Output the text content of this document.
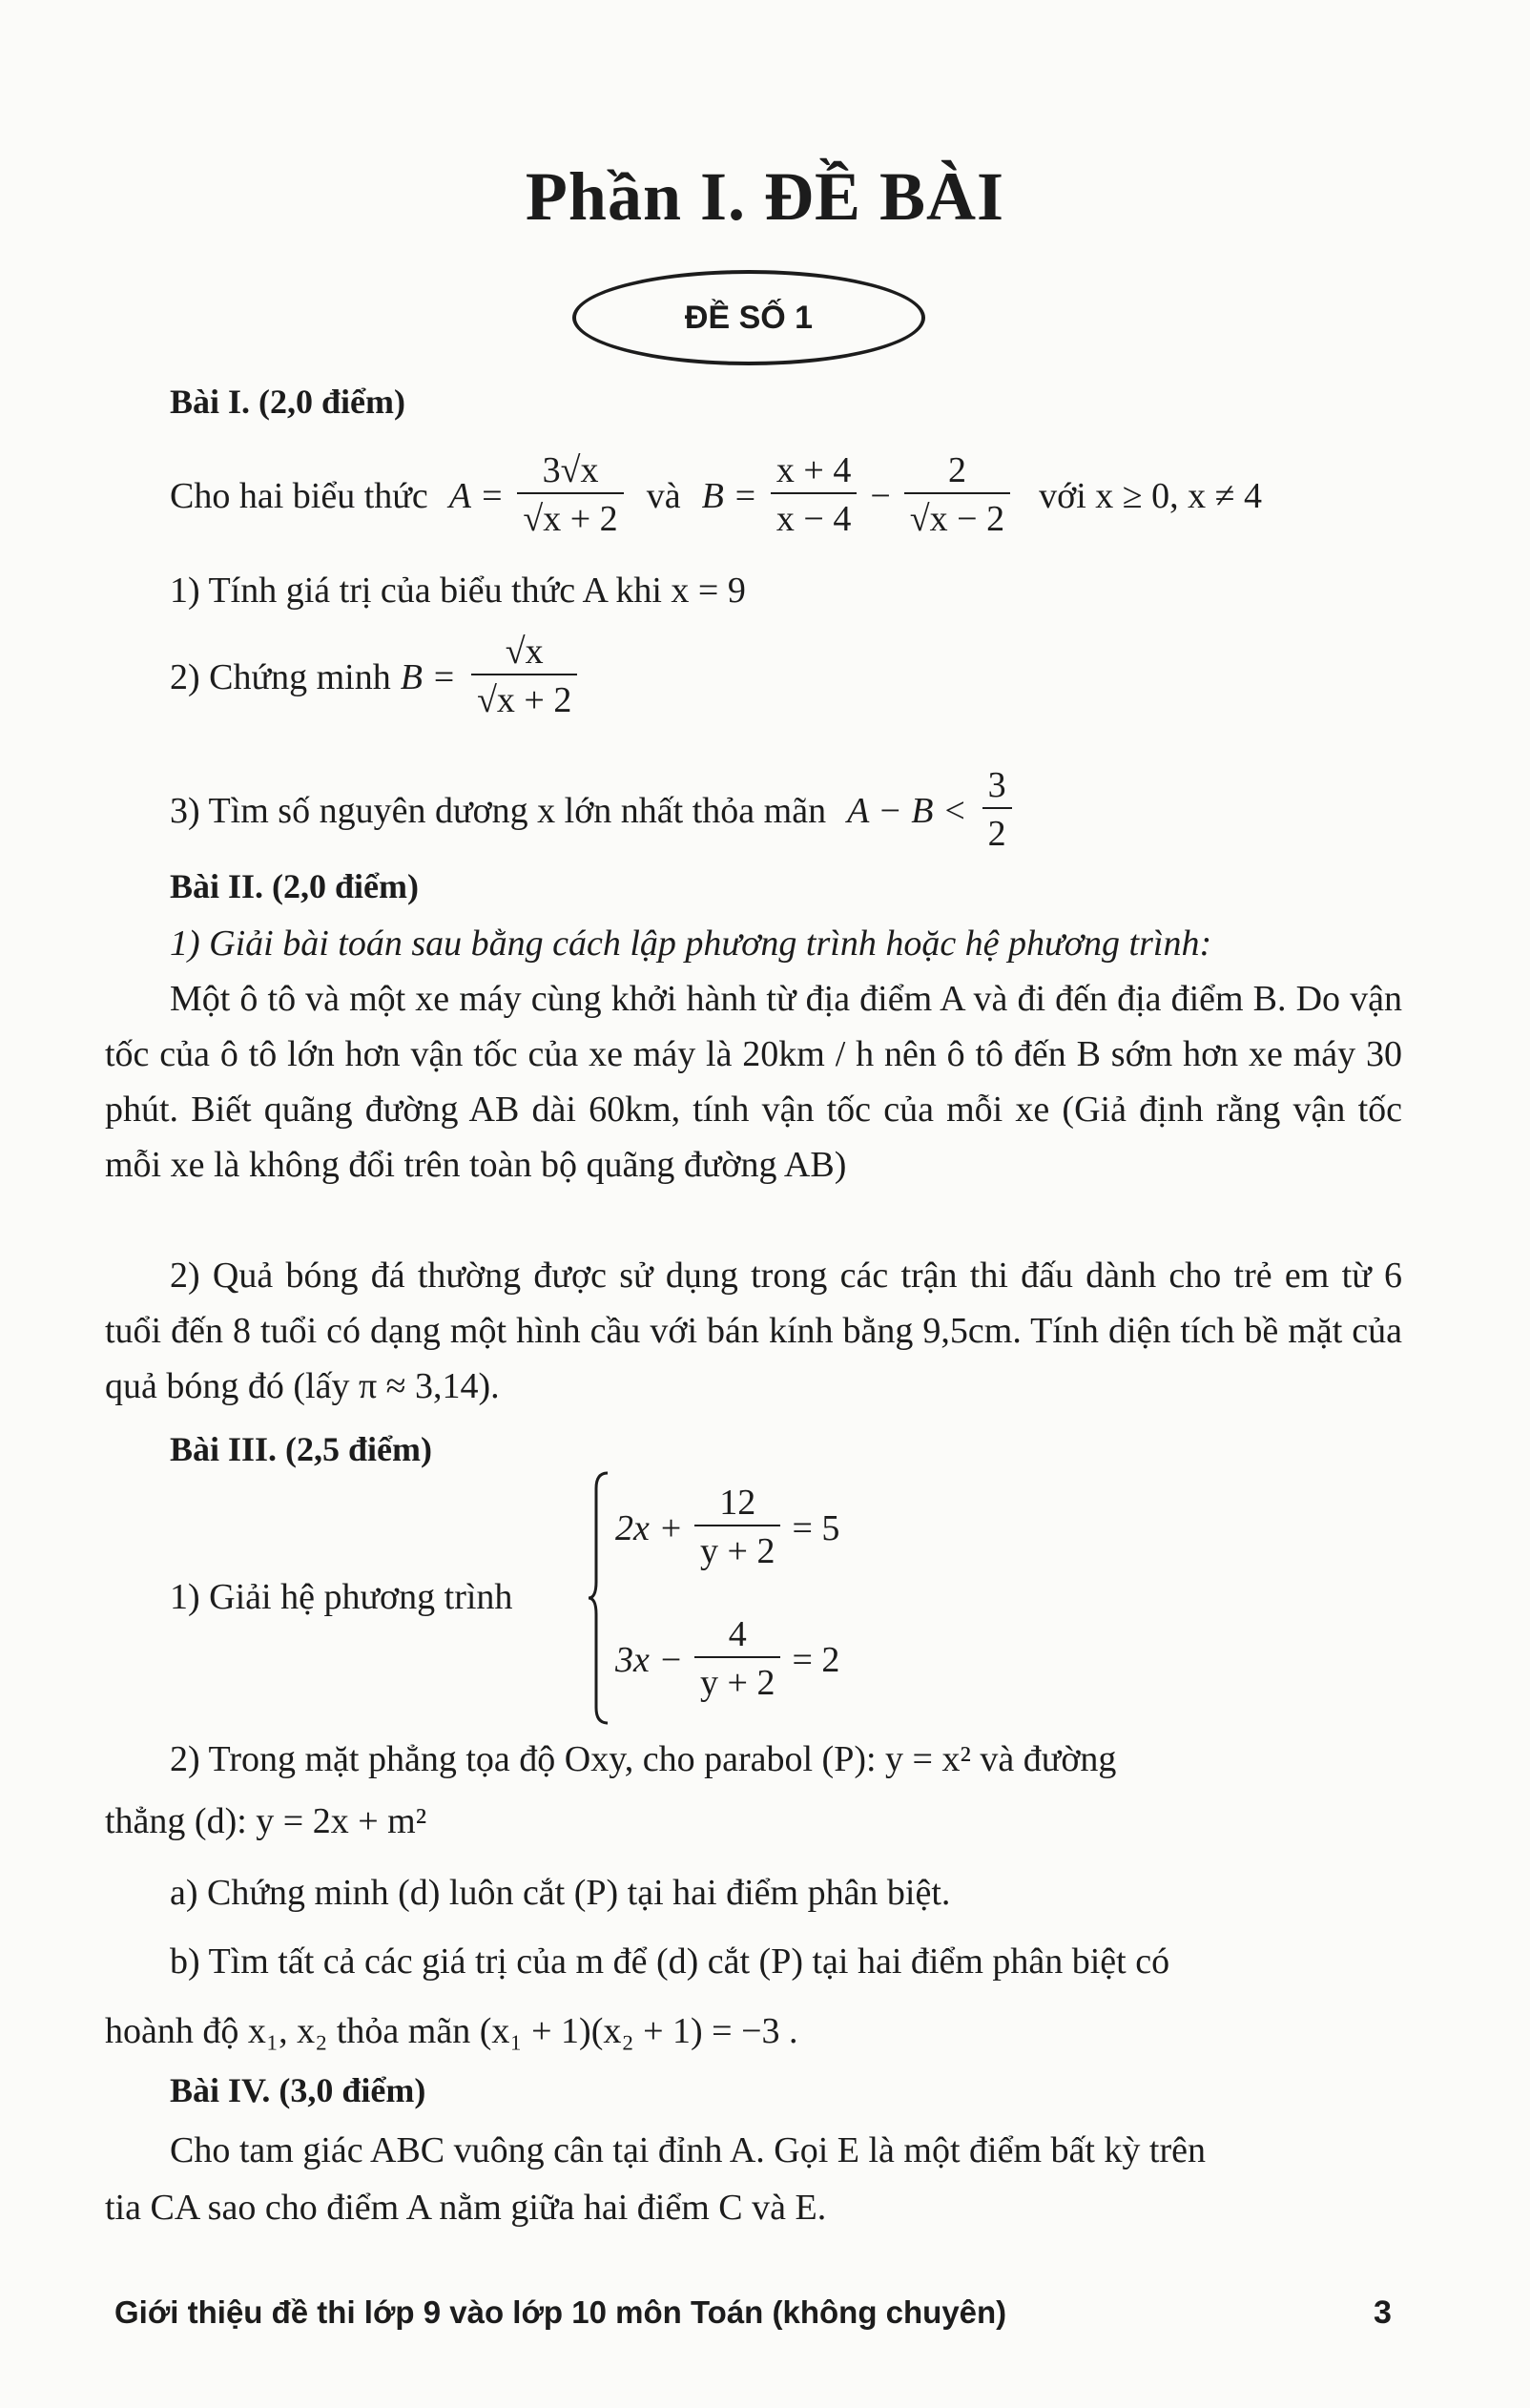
Phần I. ĐỀ BÀI
ĐỀ SỐ 1
Bài I. (2,0 điểm)
Cho hai biểu thức $A = \frac{3√x}{√x + 2}$ và $B = \frac{x + 4}{x - 4} - \frac{2}{√x - 2}$ với x ≥ 0, x ≠ 4
1) Tính giá trị của biểu thức A khi x = 9
2) Chứng minh $B = \frac{√x}{√x + 2}$
3) Tìm số nguyên dương x lớn nhất thỏa mãn $A - B < \frac{3}{2}$
Bài II. (2,0 điểm)
1) Giải bài toán sau bằng cách lập phương trình hoặc hệ phương trình:
Một ô tô và một xe máy cùng khởi hành từ địa điểm A và đi đến địa điểm B. Do vận tốc của ô tô lớn hơn vận tốc của xe máy là 20km / h nên ô tô đến B sớm hơn xe máy 30 phút. Biết quãng đường AB dài 60km, tính vận tốc của mỗi xe (Giả định rằng vận tốc mỗi xe là không đổi trên toàn bộ quãng đường AB)
2) Quả bóng đá thường được sử dụng trong các trận thi đấu dành cho trẻ em từ 6 tuổi đến 8 tuổi có dạng một hình cầu với bán kính bằng 9,5cm. Tính diện tích bề mặt của quả bóng đó (lấy π ≈ 3,14).
Bài III. (2,5 điểm)
1) Giải hệ phương trình
$2x + \frac{12}{y + 2} = 5$
$3x - \frac{4}{y + 2} = 2$
2) Trong mặt phẳng tọa độ Oxy, cho parabol (P): y = x² và đường
thẳng (d): y = 2x + m²
a) Chứng minh (d) luôn cắt (P) tại hai điểm phân biệt.
b) Tìm tất cả các giá trị của m để (d) cắt (P) tại hai điểm phân biệt có
hoành độ x₁, x₂ thỏa mãn (x₁ + 1)(x₂ + 1) = −3 .
Bài IV. (3,0 điểm)
Cho tam giác ABC vuông cân tại đỉnh A. Gọi E là một điểm bất kỳ trên
tia CA sao cho điểm A nằm giữa hai điểm C và E.
Giới thiệu đề thi lớp 9 vào lớp 10 môn Toán (không chuyên)	3
